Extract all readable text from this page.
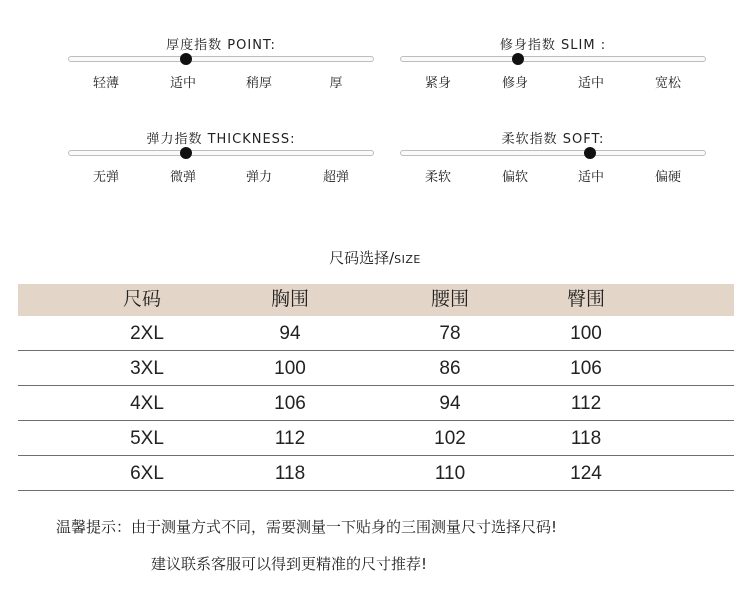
厚度指数 POINT:
轻薄	适中	稍厚	厚
修身指数 SLIM :
紧身	修身	适中	宽松
弹力指数 THICKNESS:
无弹	微弹	弹力	超弹
柔软指数 SOFT:
柔软	偏软	适中	偏硬
尺码选择/SIZE
尺码	胸围	腰围	臀围
2XL	94	78	100
3XL	100	86	106
4XL	106	94	112
5XL	112	102	118
6XL	118	110	124
温馨提示：由于测量方式不同，需要测量一下贴身的三围测量尺寸选择尺码!
建议联系客服可以得到更精准的尺寸推荐!
